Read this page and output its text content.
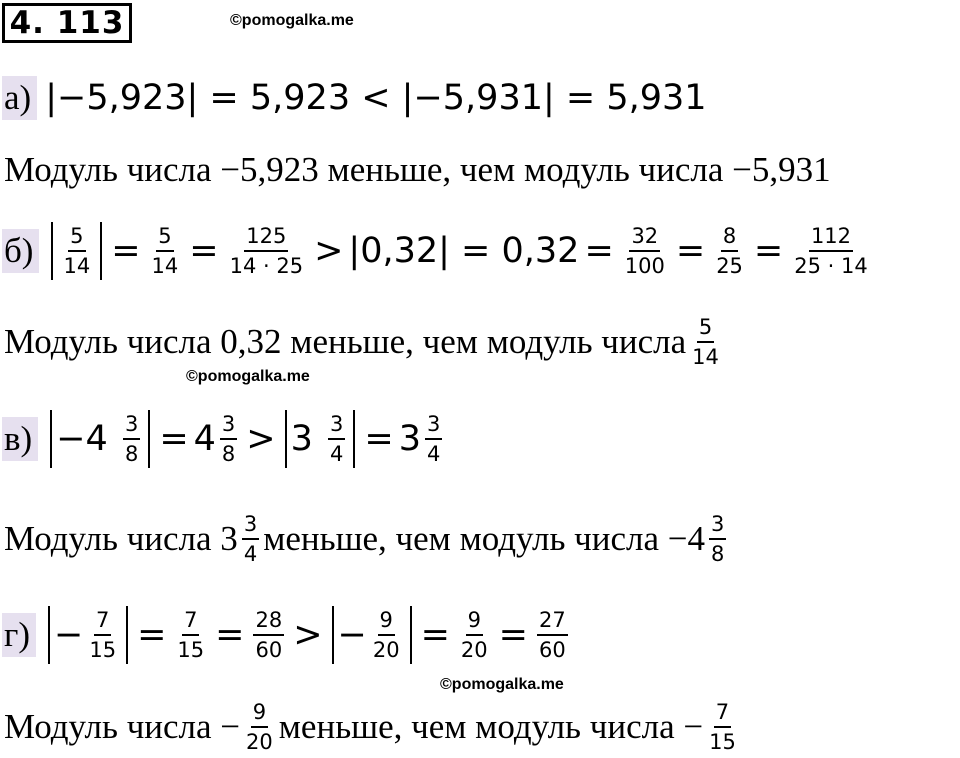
4. 113	©pomogalka.me
а) |−5,923| = 5,923 < |−5,931| = 5,931
Модуль числа −5,923 меньше, чем модуль числа −5,931
$б) \frac{5}{14} = \frac{5}{14} = \frac{125}{14 \cdot 25} > |0,32| = 0,32 = \frac{32}{100} = \frac{8}{25} = \frac{112}{25 \cdot 14}$
Модуль числа 0,32 меньше, чем модуль числа $\frac{5}{14}$
©pomogalka.me
в) −4
$\frac{3}{8} = 4 \frac{3}{8} > 3$
$\frac{3}{4} = 3 \frac{3}{4}$
Модуль числа $3 \frac{3}{4}$ меньше, чем модуль числа $-4 \frac{3}{8}$
$г) - \frac{7}{15} = \frac{7}{15} = \frac{28}{60}$ > − $\frac{9}{20} = \frac{9}{20} = \frac{27}{60}$
©pomogalka.me
Модуль числа − $\frac{9}{20}$ меньше, чем модуль числа − $\frac{7}{15}$
